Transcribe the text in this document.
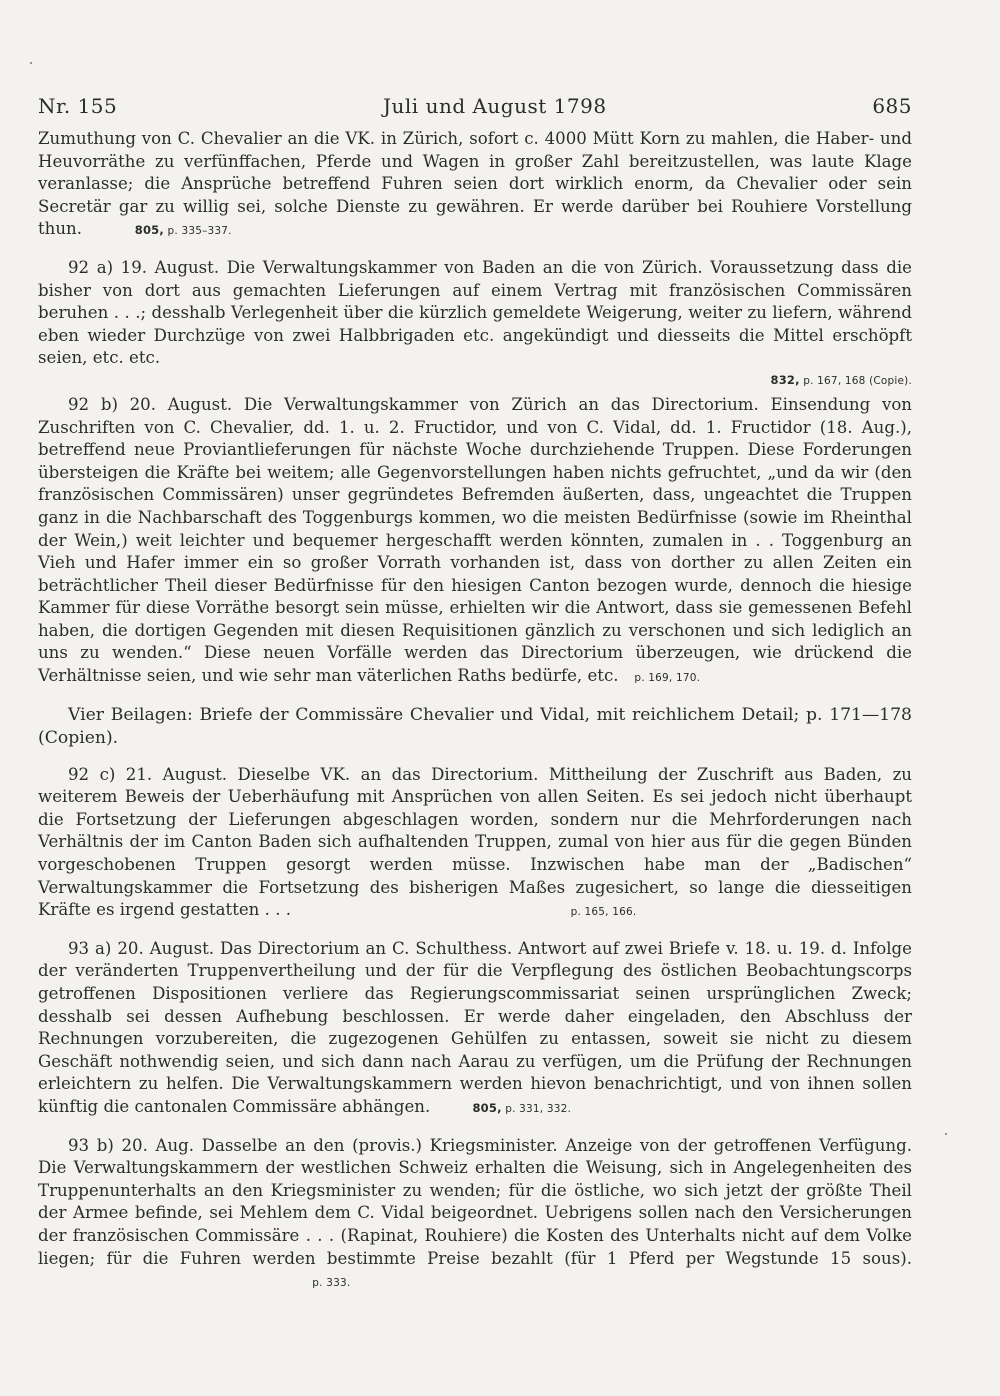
Nr. 155	Juli und August 1798	685

Zumuthung von C. Chevalier an die VK. in Zürich, sofort c. 4000 Mütt Korn zu mahlen, die Haber- und Heuvorräthe zu verfünffachen, Pferde und Wagen in großer Zahl bereitzustellen, was laute Klage veranlasse; die Ansprüche betreffend Fuhren seien dort wirklich enorm, da Chevalier oder sein Secretär gar zu willig sei, solche Dienste zu gewähren. Er werde darüber bei Rouhiere Vorstellung thun.	805, p. 335–337.

92 a) 19. August. Die Verwaltungskammer von Baden an die von Zürich. Voraussetzung dass die bisher von dort aus gemachten Lieferungen auf einem Vertrag mit französischen Commissären beruhen . . .; desshalb Verlegenheit über die kürzlich gemeldete Weigerung, weiter zu liefern, während eben wieder Durchzüge von zwei Halbbrigaden etc. angekündigt und diesseits die Mittel erschöpft seien, etc. etc.

832, p. 167, 168 (Copie).

92 b) 20. August. Die Verwaltungskammer von Zürich an das Directorium. Einsendung von Zuschriften von C. Chevalier, dd. 1. u. 2. Fructidor, und von C. Vidal, dd. 1. Fructidor (18. Aug.), betreffend neue Proviantlieferungen für nächste Woche durchziehende Truppen. Diese Forderungen übersteigen die Kräfte bei weitem; alle Gegenvorstellungen haben nichts gefruchtet, „und da wir (den französischen Commissären) unser gegründetes Befremden äußerten, dass, ungeachtet die Truppen ganz in die Nachbarschaft des Toggenburgs kommen, wo die meisten Bedürfnisse (sowie im Rheinthal der Wein,) weit leichter und bequemer hergeschafft werden könnten, zumalen in . . Toggenburg an Vieh und Hafer immer ein so großer Vorrath vorhanden ist, dass von dorther zu allen Zeiten ein beträchtlicher Theil dieser Bedürfnisse für den hiesigen Canton bezogen wurde, dennoch die hiesige Kammer für diese Vorräthe besorgt sein müsse, erhielten wir die Antwort, dass sie gemessenen Befehl haben, die dortigen Gegenden mit diesen Requisitionen gänzlich zu verschonen und sich lediglich an uns zu wenden.“ Diese neuen Vorfälle werden das Directorium überzeugen, wie drückend die Verhältnisse seien, und wie sehr man väterlichen Raths bedürfe, etc. p. 169, 170.

Vier Beilagen: Briefe der Commissäre Chevalier und Vidal, mit reichlichem Detail; p. 171—178 (Copien).

92 c) 21. August. Dieselbe VK. an das Directorium. Mittheilung der Zuschrift aus Baden, zu weiterem Beweis der Ueberhäufung mit Ansprüchen von allen Seiten. Es sei jedoch nicht überhaupt die Fortsetzung der Lieferungen abgeschlagen worden, sondern nur die Mehrforderungen nach Verhältnis der im Canton Baden sich aufhaltenden Truppen, zumal von hier aus für die gegen Bünden vorgeschobenen Truppen gesorgt werden müsse. Inzwischen habe man der „Badischen“ Verwaltungskammer die Fortsetzung des bisherigen Maßes zugesichert, so lange die diesseitigen Kräfte es irgend gestatten . . .	p. 165, 166.

93 a) 20. August. Das Directorium an C. Schulthess. Antwort auf zwei Briefe v. 18. u. 19. d. Infolge der veränderten Truppenvertheilung und der für die Verpflegung des östlichen Beobachtungscorps getroffenen Dispositionen verliere das Regierungscommissariat seinen ursprünglichen Zweck; desshalb sei dessen Aufhebung beschlossen. Er werde daher eingeladen, den Abschluss der Rechnungen vorzubereiten, die zugezogenen Gehülfen zu entassen, soweit sie nicht zu diesem Geschäft nothwendig seien, und sich dann nach Aarau zu verfügen, um die Prüfung der Rechnungen erleichtern zu helfen. Die Verwaltungskammern werden hievon benachrichtigt, und von ihnen sollen künftig die cantonalen Commissäre abhängen.	805, p. 331, 332.

93 b) 20. Aug. Dasselbe an den (provis.) Kriegsminister. Anzeige von der getroffenen Verfügung. Die Verwaltungskammern der westlichen Schweiz erhalten die Weisung, sich in Angelegenheiten des Truppenunterhalts an den Kriegsminister zu wenden; für die östliche, wo sich jetzt der größte Theil der Armee befinde, sei Mehlem dem C. Vidal beigeordnet. Uebrigens sollen nach den Versicherungen der französischen Commissäre . . . (Rapinat, Rouhiere) die Kosten des Unterhalts nicht auf dem Volke liegen; für die Fuhren werden bestimmte Preise bezahlt (für 1 Pferd per Wegstunde 15 sous).                                                     p. 333.
